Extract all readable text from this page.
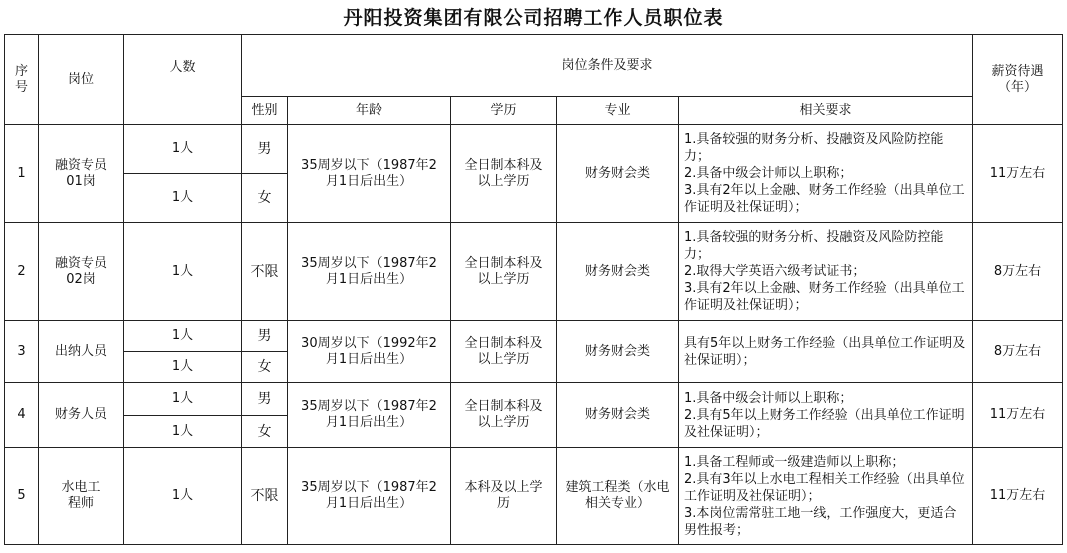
丹阳投资集团有限公司招聘工作人员职位表
序号	岗位	人数	岗位条件及要求					薪资待遇（年）
			性别	年龄	学历	专业	相关要求	
1	融资专员01岗	1人	男	35周岁以下（1987年2月1日后出生）	全日制本科及以上学历	财务财会类	1.具备较强的财务分析、投融资及风险防控能力；
2.具备中级会计师以上职称；
3.具有2年以上金融、财务工作经验（出具单位工作证明及社保证明）；	11万左右
		1人	女					
2	融资专员02岗	1人	不限	35周岁以下（1987年2月1日后出生）	全日制本科及以上学历	财务财会类	1.具备较强的财务分析、投融资及风险防控能力；
2.取得大学英语六级考试证书；
3.具有2年以上金融、财务工作经验（出具单位工作证明及社保证明）；	8万左右
3	出纳人员	1人	男	30周岁以下（1992年2月1日后出生）	全日制本科及以上学历	财务财会类	具有5年以上财务工作经验（出具单位工作证明及社保证明）；	8万左右
		1人	女					
4	财务人员	1人	男	35周岁以下（1987年2月1日后出生）	全日制本科及以上学历	财务财会类	1.具备中级会计师以上职称；
2.具有5年以上财务工作经验（出具单位工作证明及社保证明）；	11万左右
		1人	女					
5	水电工程师	1人	不限	35周岁以下（1987年2月1日后出生）	本科及以上学历	建筑工程类（水电相关专业）	1.具备工程师或一级建造师以上职称；
2.具有3年以上水电工程相关工作经验（出具单位工作证明及社保证明）；
3.本岗位需常驻工地一线，工作强度大，更适合男性报考；	11万左右
